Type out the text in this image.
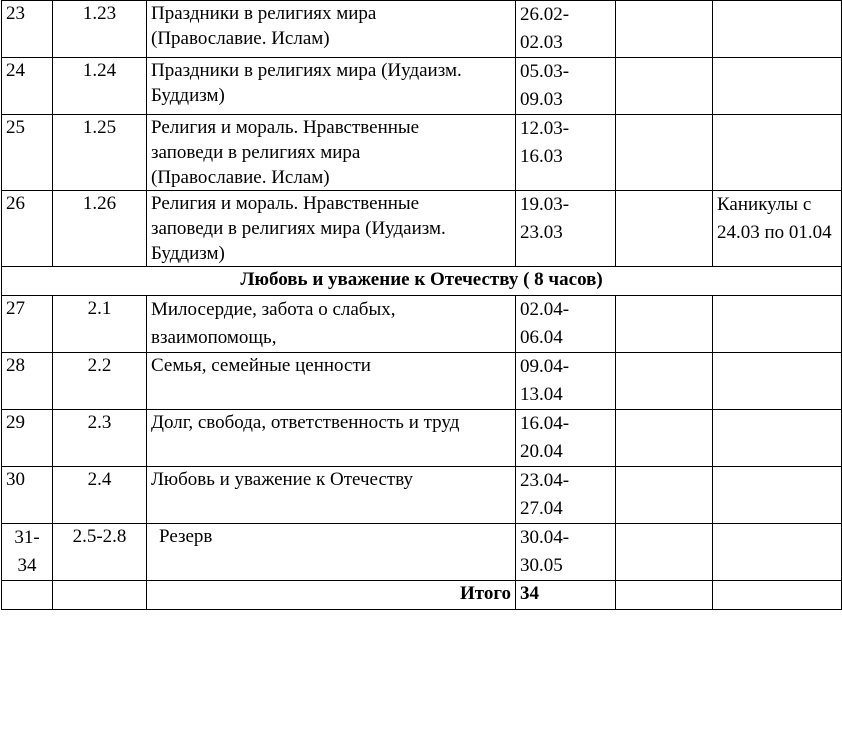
23	1.23	Праздники в религиях мира
(Православие. Ислам)	26.02-
02.03		

24	1.24	Праздники в религиях мира (Иудаизм.
Буддизм)	05.03-
09.03		

25	1.25	Религия и мораль. Нравственные
заповеди в религиях мира
(Православие. Ислам)	12.03-
16.03		

26	1.26	Религия и мораль. Нравственные
заповеди в религиях мира (Иудаизм.
Буддизм)	19.03-
23.03		Каникулы с
24.03 по 01.04

Любовь и уважение к Отечеству ( 8 часов)					
27	2.1	Милосердие, забота о слабых,
взаимопомощь,	02.04-
06.04		

28	2.2	Семья, семейные ценности	09.04-
13.04		

29	2.3	Долг, свобода, ответственность и труд	16.04-
20.04		

30	2.4	Любовь и уважение к Отечеству	23.04-
27.04		

31-
34	2.5-2.8	Резерв	30.04-
30.05		

		Итого	34		
